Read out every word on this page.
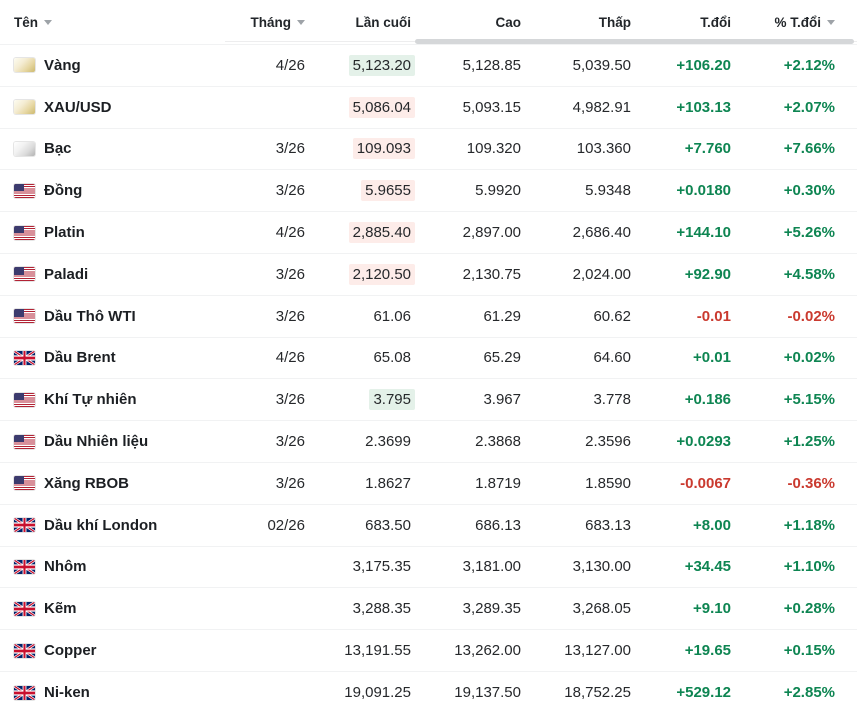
Tên	Tháng	Lần cuối	Cao	Thấp	T.đổi	% T.đổi

Vàng	4/26	5,123.20	5,128.85	5,039.50	+106.20	+2.12%

XAU/USD		5,086.04	5,093.15	4,982.91	+103.13	+2.07%

Bạc	3/26	109.093	109.320	103.360	+7.760	+7.66%

Đồng	3/26	5.9655	5.9920	5.9348	+0.0180	+0.30%

Platin	4/26	2,885.40	2,897.00	2,686.40	+144.10	+5.26%

Paladi	3/26	2,120.50	2,130.75	2,024.00	+92.90	+4.58%

Dầu Thô WTI	3/26	61.06	61.29	60.62	-0.01	-0.02%

Dầu Brent	4/26	65.08	65.29	64.60	+0.01	+0.02%

Khí Tự nhiên	3/26	3.795	3.967	3.778	+0.186	+5.15%

Dầu Nhiên liệu	3/26	2.3699	2.3868	2.3596	+0.0293	+1.25%

Xăng RBOB	3/26	1.8627	1.8719	1.8590	-0.0067	-0.36%

Dầu khí London	02/26	683.50	686.13	683.13	+8.00	+1.18%

Nhôm		3,175.35	3,181.00	3,130.00	+34.45	+1.10%

Kẽm		3,288.35	3,289.35	3,268.05	+9.10	+0.28%

Copper		13,191.55	13,262.00	13,127.00	+19.65	+0.15%

Ni-ken		19,091.25	19,137.50	18,752.25	+529.12	+2.85%
